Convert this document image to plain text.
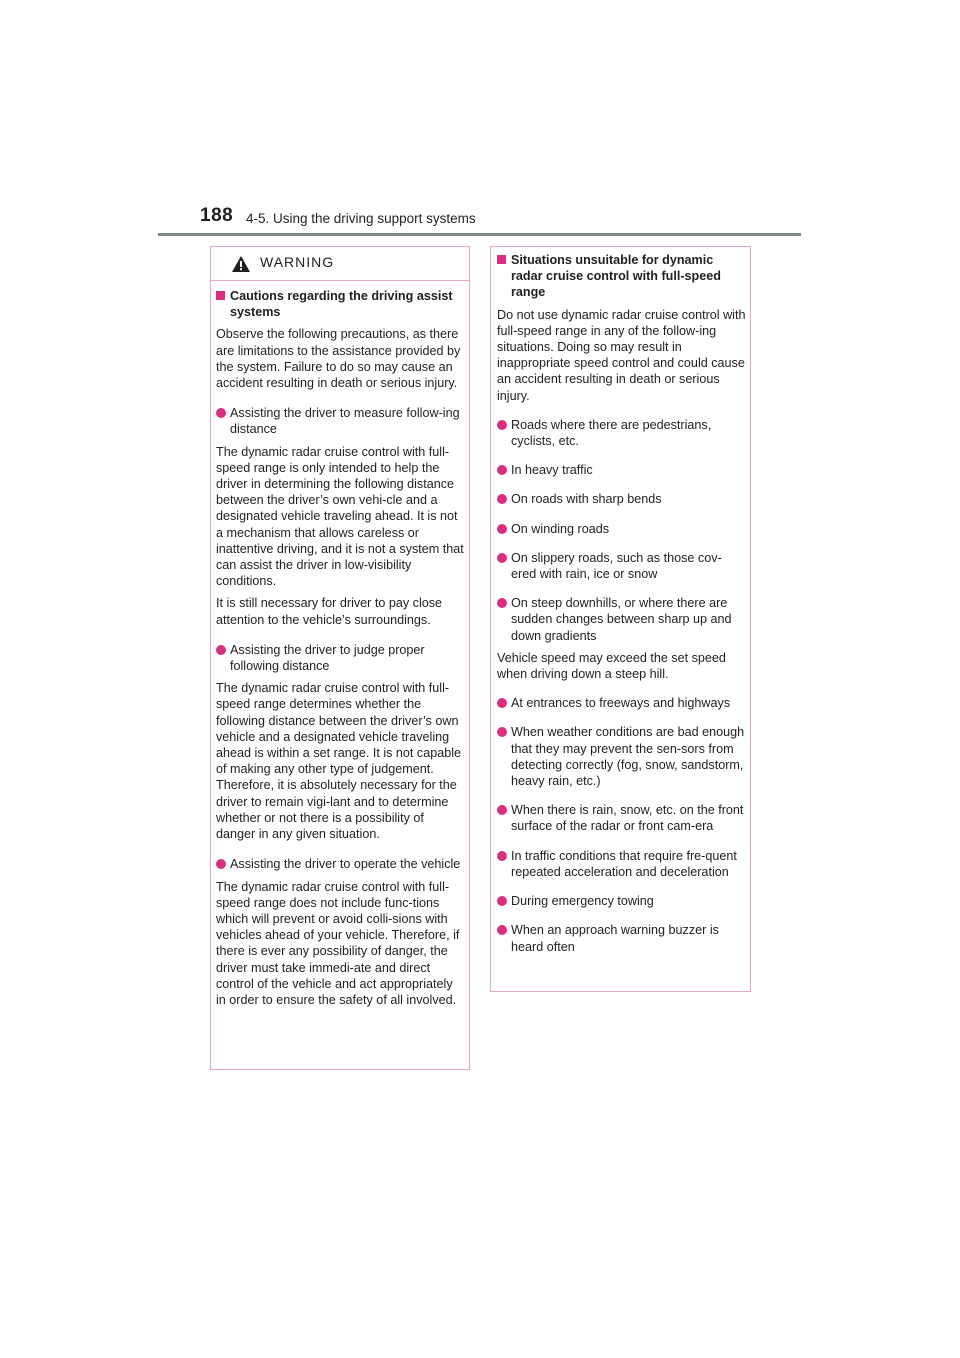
188 4-5. Using the driving support systems
WARNING
Cautions regarding the driving assist systems
Observe the following precautions, as there are limitations to the assistance provided by the system. Failure to do so may cause an accident resulting in death or serious injury.
Assisting the driver to measure follow-ing distance
The dynamic radar cruise control with full-speed range is only intended to help the driver in determining the following distance between the driver’s own vehi-cle and a designated vehicle traveling ahead. It is not a mechanism that allows careless or inattentive driving, and it is not a system that can assist the driver in low-visibility conditions.
It is still necessary for driver to pay close attention to the vehicle’s surroundings.
Assisting the driver to judge proper following distance
The dynamic radar cruise control with full-speed range determines whether the following distance between the driver’s own vehicle and a designated vehicle traveling ahead is within a set range. It is not capable of making any other type of judgement. Therefore, it is absolutely necessary for the driver to remain vigi-lant and to determine whether or not there is a possibility of danger in any given situation.
Assisting the driver to operate the vehicle
The dynamic radar cruise control with full-speed range does not include func-tions which will prevent or avoid colli-sions with vehicles ahead of your vehicle. Therefore, if there is ever any possibility of danger, the driver must take immedi-ate and direct control of the vehicle and act appropriately in order to ensure the safety of all involved.
Situations unsuitable for dynamic radar cruise control with full-speed range
Do not use dynamic radar cruise control with full-speed range in any of the follow-ing situations. Doing so may result in inappropriate speed control and could cause an accident resulting in death or serious injury.
Roads where there are pedestrians, cyclists, etc.
In heavy traffic
On roads with sharp bends
On winding roads
On slippery roads, such as those cov-ered with rain, ice or snow
On steep downhills, or where there are sudden changes between sharp up and down gradients
Vehicle speed may exceed the set speed when driving down a steep hill.
At entrances to freeways and highways
When weather conditions are bad enough that they may prevent the sen-sors from detecting correctly (fog, snow, sandstorm, heavy rain, etc.)
When there is rain, snow, etc. on the front surface of the radar or front cam-era
In traffic conditions that require fre-quent repeated acceleration and deceleration
During emergency towing
When an approach warning buzzer is heard often
